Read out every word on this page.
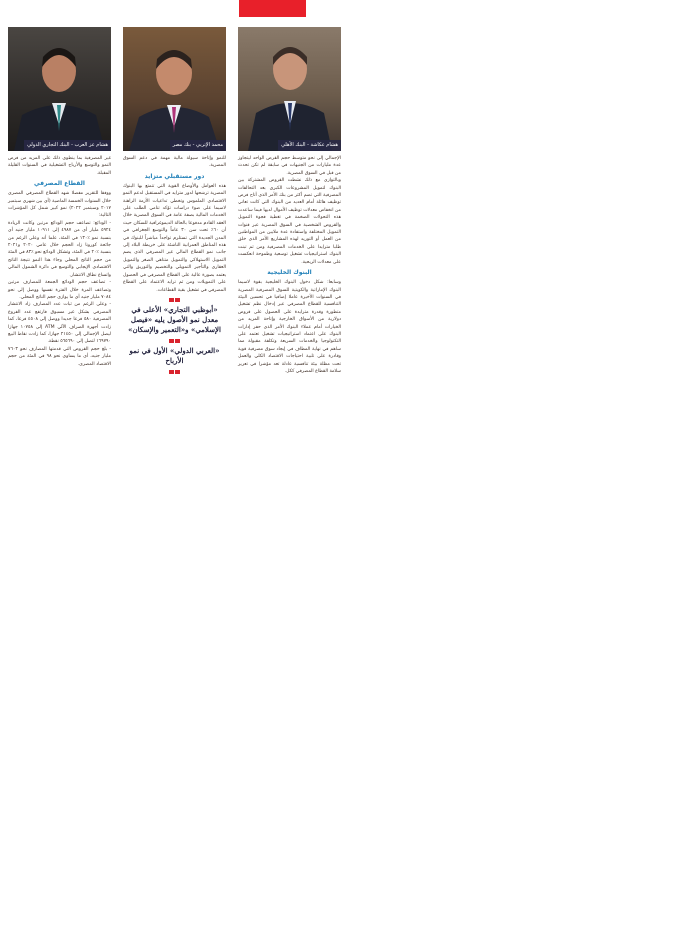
هشام عكاشة - البنك الأهلي

الإجمالي إلى نحو متوسط حجم القرض الواحد ليتجاوز عدة مليارات من الجنيهات في سابقة لم تكن تحدث من قبل في السوق المصرية.

وبالتوازي مع ذلك نشطت القروض المشتركة بين البنوك لتمويل المشروعات الكبرى بعد التحالفات المصرفية التي تضم أكثر من بنك الأمر الذي أتاح فرص توظيف هائلة أمام العديد من البنوك التي كانت تعاني من انخفاض معدلات توظيف الأموال لديها فيما ساعدت هذه التحولات الضخمة في تغطية فجوة التمويل والقروض الشخصية في السوق المصرية عبر قنوات التمويل المختلفة واستفادة عدة ملايين من المواطنين من العمل أو التوريد لهذه المشاريع الأمر الذي خلق طلبا متزايدا على الخدمات المصرفية ومن ثم تبنت البنوك استراتيجيات تشغيل توسعية وطموحة انعكست على معدلات الربحية.

البنوك الخليجية

وسابعا: شكل دخول البنوك الخليجية بقوة لاسيما البنوك الإماراتية والكويتية للسوق المصرفية المصرية في السنوات الأخيرة عاملا إضافيا في تحسين البيئة التنافسية للقطاع المصرفي عبر إدخال نظم تشغيل متطورة وقدرة متزايدة على الحصول على قروض دولارية من الأسواق الخارجية وإتاحة المزيد من الخيارات أمام عملاء البنوك الأمر الذي حفز إدارات البنوك على اعتماد استراتيجيات تشغيل تعتمد على التكنولوجيا والخدمات السريعة وتكلفة مقبولة مما ساهم في نهاية المطاف في إيجاد سوق مصرفية قوية وقادرة على تلبية احتياجات الاقتصاد الكلي والعمل تحت مظلة بيئة تنافسية عادلة تعد مؤشرا في تعزيز سلامة القطاع المصرفي ككل.

محمد الإتربي - بنك مصر

للنمو وإتاحة سيولة مالية مهمة في دعم السوق المصرية.

دور مستقبلي متزايد

هذه العوامل والأوضاع القوية التي تتمتع بها البنوك المصرية ترشحها لدور متزايد في المستقبل لدعم النمو الاقتصادي الملموس وتخطي تداعيات الأزمة الراهنة لاسيما على ضوء دراسات تؤكد تنامي الطلب على الخدمات المالية بصفة عامة في السوق المصرية خلال العقد القادم مدفوعا بالحالة الديموغرافية للسكان حيث أن ٦٠٪ تحت سن ٣٠ عاماً والتوسع الجغرافي في المدن الجديدة التي تستلزم تواجداً مباشراً للبنوك في هذه المناطق العمرانية الناشئة على خريطة البلاد إلى جانب نمو القطاع المالي غير المصرفي الذي يضم التمويل الاستهلاكي والتمويل متناهي الصغر والتمويل العقاري والتأجير التمويلي والتخصيم والتوريق والتي يعتمد بصورة عالية على القطاع المصرفي في الحصول على التمويلات ومن ثم تزايد الاعتماد على القطاع المصرفي في تشغيل بقية القطاعات.

«أبوظبي التجاري» الأعلى في معدل نمو الأصول يليه «فيصل الإسلامي» و«التعمير والإسكان»

«العربي الدولي» الأول في نمو الأرباح

هشام عز العرب - البنك التجاري الدولي

غير المصرفية بما ينطوي ذلك على المزيد من فرص النمو والتوسع والأرباح التشغيلية في السنوات القليلة المقبلة.

القطاع المصرفي

ووفقا للتقرير مفصلا شهد القطاع المصرفي المصري خلال السنوات الخمسة الماضية (أي بين شهري سبتمبر ٢٠١٧ وسبتمبر ٢٠٢٢) نمو كبير شمل كل المؤشرات التالية:

- الودائع: تضاعف حجم الودائع مرتين وكانت الزيادة ٥٩٢٤ مليار أي من ٤٩٨٧ إلى ١٠٩١١ مليار جنيه أي بنسبة نمو ٪١٣٠ في المئة، علما أنه وعلى الرغم من جائحة كورونا زاد الحجم خلال عامي ٢٠٢٠ و٢٠٢١ بنسبة ٪٢٠ في المئة، وتشكل الودائع نحو ٪٨٣ في المئة من حجم الناتج المحلي وجاء هذا النمو نتيجة الناتج الاقتصادي الإيجابي والتوسع في دائرة الشمول المالي واتساع نطاق الانتشار.

- تضاعف حجم الودائع الجمعة للمصارف مرتين وتضاعف المرة خلال الفترة نفسها ووصل إلى نحو ٧٠٨٤ مليار جنيه أي ما يوازي حجم الناتج المحلي.

- وعلى الرغم من ثبات عدد المصارف زاد الانتشار المصرفي بشكل غير مسبوق فارتفع عدد الفروع المصرفية ٥٨٠ فرعا جديدا ووصل إلى ٤٥٠٨ فرعا، كما زادت أجهزة الصراف الآلي ATM إلى ١٠٧٥٨ جهازا ليصل الإجمالي إلى ٢١٤٥٠ جهازا، كما زادت نقاط البيع ١٦٩٧٩٠ لتصل إلى ٥٦٥٦٩٠ نقطة.

- بلغ حجم القروض التي قدمتها المصارف نحو ٧٦٠٣ مليار جنيه، أي ما يساوي نحو ٩٨ في المئة من حجم الاقتصاد المصري.
